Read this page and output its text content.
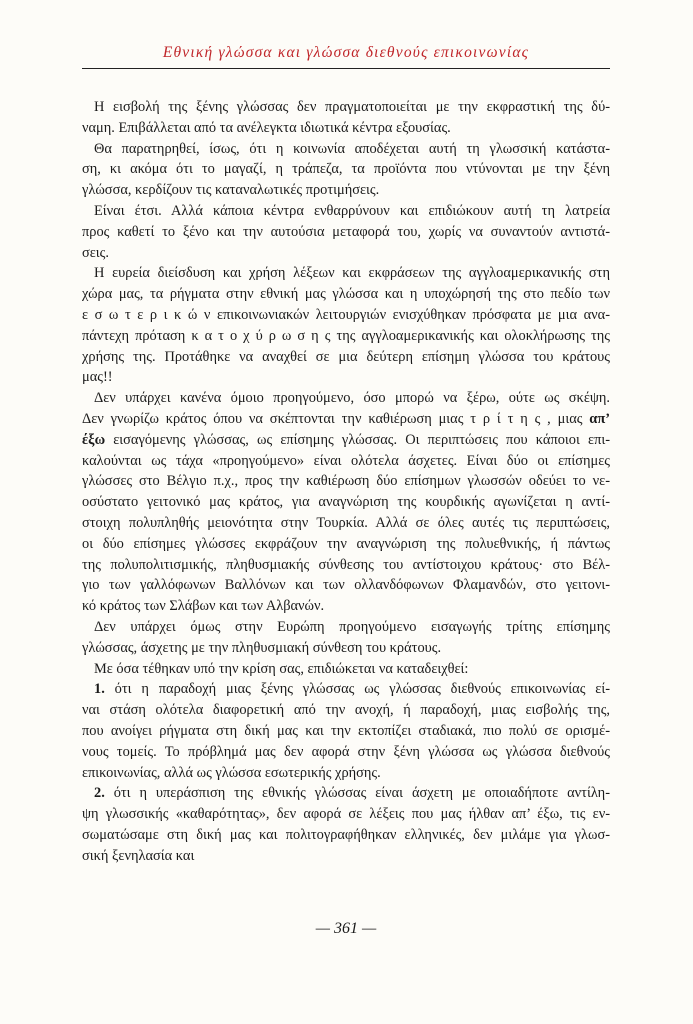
Εθνική γλώσσα και γλώσσα διεθνούς επικοινωνίας
Η εισβολή της ξένης γλώσσας δεν πραγματοποιείται με την εκφραστική της δύ-
ναμη. Επιβάλλεται από τα ανέλεγκτα ιδιωτικά κέντρα εξουσίας.
Θα παρατηρηθεί, ίσως, ότι η κοινωνία αποδέχεται αυτή τη γλωσσική κατάστα-
ση, κι ακόμα ότι το μαγαζί, η τράπεζα, τα προϊόντα που ντύνονται με την ξένη
γλώσσα, κερδίζουν τις καταναλωτικές προτιμήσεις.
Είναι έτσι. Αλλά κάποια κέντρα ενθαρρύνουν και επιδιώκουν αυτή τη λατρεία
προς καθετί το ξένο και την αυτούσια μεταφορά του, χωρίς να συναντούν αντιστά-
σεις.
Η ευρεία διείσδυση και χρήση λέξεων και εκφράσεων της αγγλοαμερικανικής στη
χώρα μας, τα ρήγματα στην εθνική μας γλώσσα και η υποχώρησή της στο πεδίο των
ε σ ω τ ε ρ ι κ ώ ν επικοινωνιακών λειτουργιών ενισχύθηκαν πρόσφατα με μια ανα-
πάντεχη πρόταση κ α τ ο χ ύ ρ ω σ η ς της αγγλοαμερικανικής και ολοκλήρωσης της
χρήσης της. Προτάθηκε να αναχθεί σε μια δεύτερη επίσημη γλώσσα του κράτους
μας!!
Δεν υπάρχει κανένα όμοιο προηγούμενο, όσο μπορώ να ξέρω, ούτε ως σκέψη.
Δεν γνωρίζω κράτος όπου να σκέπτονται την καθιέρωση μιας τ ρ ί τ η ς , μιας απ’
έξω εισαγόμενης γλώσσας, ως επίσημης γλώσσας. Οι περιπτώσεις που κάποιοι επι-
καλούνται ως τάχα «προηγούμενο» είναι ολότελα άσχετες. Είναι δύο οι επίσημες
γλώσσες στο Βέλγιο π.χ., προς την καθιέρωση δύο επίσημων γλωσσών οδεύει το νε-
οσύστατο γειτονικό μας κράτος, για αναγνώριση της κουρδικής αγωνίζεται η αντί-
στοιχη πολυπληθής μειονότητα στην Τουρκία. Αλλά σε όλες αυτές τις περιπτώσεις,
οι δύο επίσημες γλώσσες εκφράζουν την αναγνώριση της πολυεθνικής, ή πάντως
της πολυπολιτισμικής, πληθυσμιακής σύνθεσης του αντίστοιχου κράτους· στο Βέλ-
γιο των γαλλόφωνων Βαλλόνων και των ολλανδόφωνων Φλαμανδών, στο γειτονι-
κό κράτος των Σλάβων και των Αλβανών.
Δεν υπάρχει όμως στην Ευρώπη προηγούμενο εισαγωγής τρίτης επίσημης
γλώσσας, άσχετης με την πληθυσμιακή σύνθεση του κράτους.
Με όσα τέθηκαν υπό την κρίση σας, επιδιώκεται να καταδειχθεί:
1. ότι η παραδοχή μιας ξένης γλώσσας ως γλώσσας διεθνούς επικοινωνίας εί-
ναι στάση ολότελα διαφορετική από την ανοχή, ή παραδοχή, μιας εισβολής της,
που ανοίγει ρήγματα στη δική μας και την εκτοπίζει σταδιακά, πιο πολύ σε ορισμέ-
νους τομείς. Το πρόβλημά μας δεν αφορά στην ξένη γλώσσα ως γλώσσα διεθνούς
επικοινωνίας, αλλά ως γλώσσα εσωτερικής χρήσης.
2. ότι η υπεράσπιση της εθνικής γλώσσας είναι άσχετη με οποιαδήποτε αντίλη-
ψη γλωσσικής «καθαρότητας», δεν αφορά σε λέξεις που μας ήλθαν απ’ έξω, τις εν-
σωματώσαμε στη δική μας και πολιτογραφήθηκαν ελληνικές, δεν μιλάμε για γλωσ-
σική ξενηλασία και
— 361 —
